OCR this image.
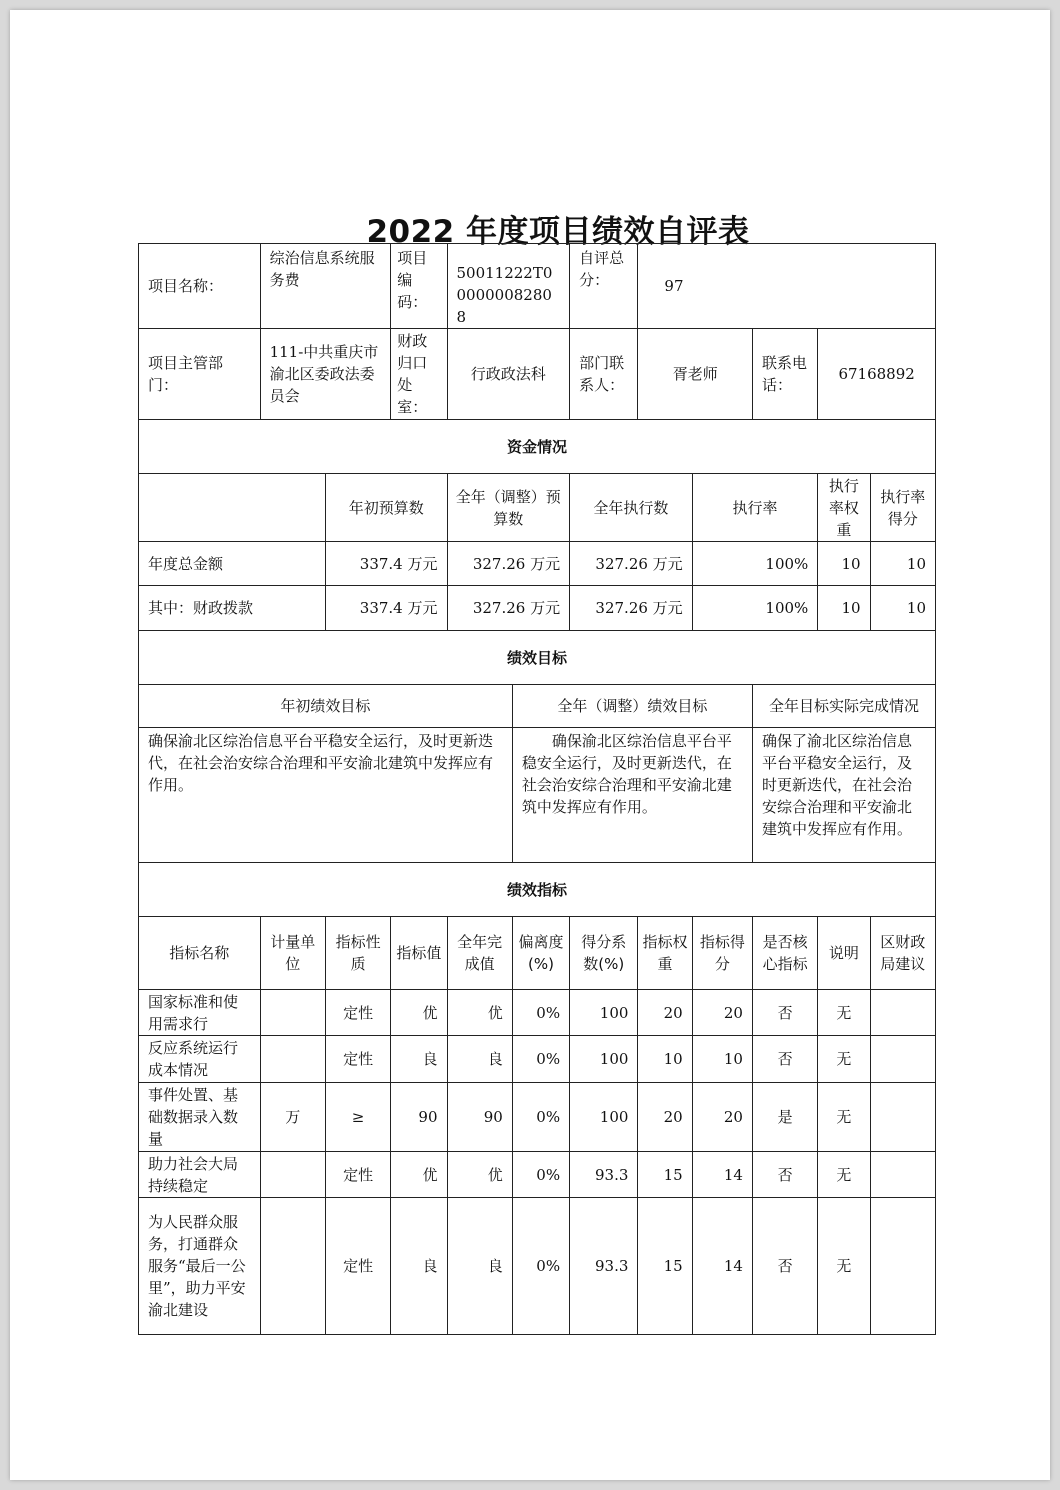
2022 年度项目绩效自评表
项目名称：	综治信息系统服务费		项目编码：	50011222T000000082808		自评总分：	97				
项目主管部门：	111-中共重庆市渝北区委政法委员会		财政归口处室：	行政政法科		部门联系人：	胥老师		联系电话：	67168892	
资金情况											
		年初预算数		全年（调整）预算数		全年执行数		执行率		执行率权重	执行率得分
年度总金额		337.4 万元		327.26 万元		327.26 万元		100%		10	10
其中：财政拨款		337.4 万元		327.26 万元		327.26 万元		100%		10	10
绩效目标											
年初绩效目标					全年（调整）绩效目标				全年目标实际完成情况		
确保渝北区综治信息平台平稳安全运行，及时更新迭代，在社会治安综合治理和平安渝北建筑中发挥应有作用。					确保渝北区综治信息平台平稳安全运行，及时更新迭代，在社会治安综合治理和平安渝北建筑中发挥应有作用。				确保了渝北区综治信息平台平稳安全运行，及时更新迭代，在社会治安综合治理和平安渝北建筑中发挥应有作用。		
绩效指标											
指标名称	计量单位	指标性质	指标值	全年完成值	偏离度(%)	得分系数(%)	指标权重	指标得分	是否核心指标	说明	区财政局建议
国家标准和使用需求行		定性	优	优	0%	100	20	20	否	无	
反应系统运行成本情况		定性	良	良	0%	100	10	10	否	无	
事件处置、基础数据录入数量	万	≥	90	90	0%	100	20	20	是	无	
助力社会大局持续稳定		定性	优	优	0%	93.3	15	14	否	无	
为人民群众服务，打通群众服务“最后一公里”，助力平安渝北建设		定性	良	良	0%	93.3	15	14	否	无	
